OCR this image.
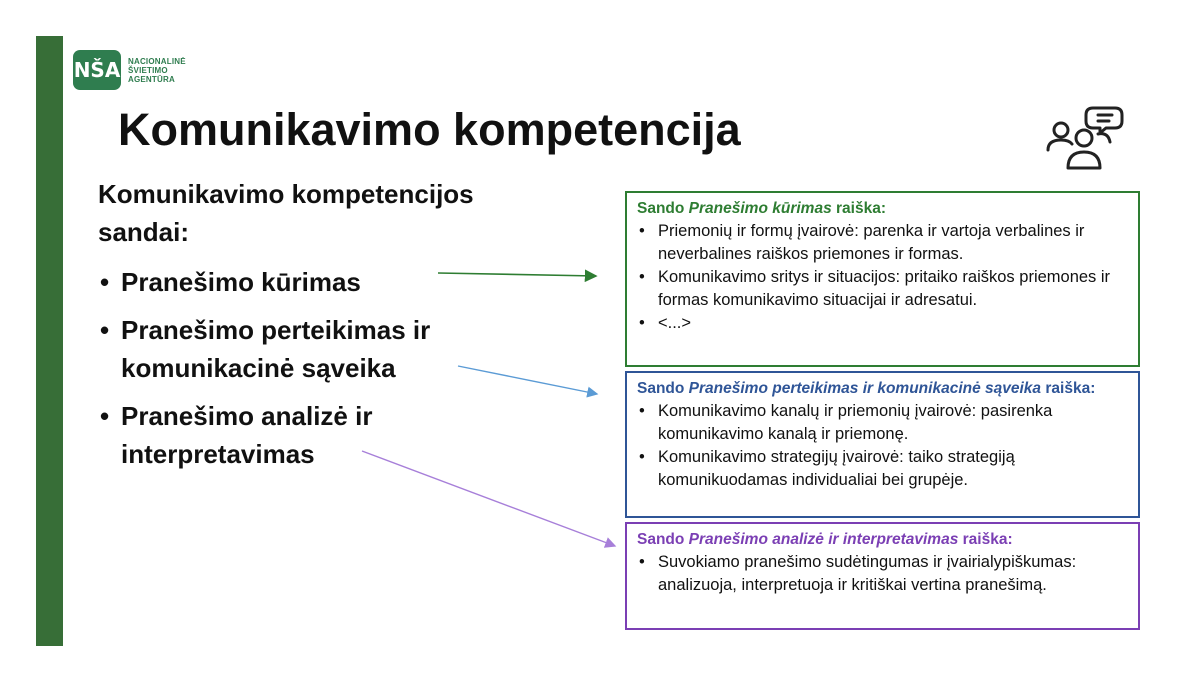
NŠA NACIONALINĖ
ŠVIETIMO
AGENTŪRA
Komunikavimo kompetencija

Komunikavimo kompetencijos sandai:

• Pranešimo kūrimas
• Pranešimo perteikimas ir komunikacinė sąveika
• Pranešimo analizė ir interpretavimas
Sando Pranešimo kūrimas raiška:
• Priemonių ir formų įvairovė: parenka ir vartoja verbalines ir neverbalines raiškos priemones ir formas.
• Komunikavimo sritys ir situacijos: pritaiko raiškos priemones ir formas komunikavimo situacijai ir adresatui.
• <...>
Sando Pranešimo perteikimas ir komunikacinė sąveika raiška:
• Komunikavimo kanalų ir priemonių įvairovė: pasirenka komunikavimo kanalą ir priemonę.
• Komunikavimo strategijų įvairovė: taiko strategiją komunikuodamas individualiai bei grupėje.
Sando Pranešimo analizė ir interpretavimas raiška:
• Suvokiamo pranešimo sudėtingumas ir įvairialypiškumas: analizuoja, interpretuoja ir kritiškai vertina pranešimą.
